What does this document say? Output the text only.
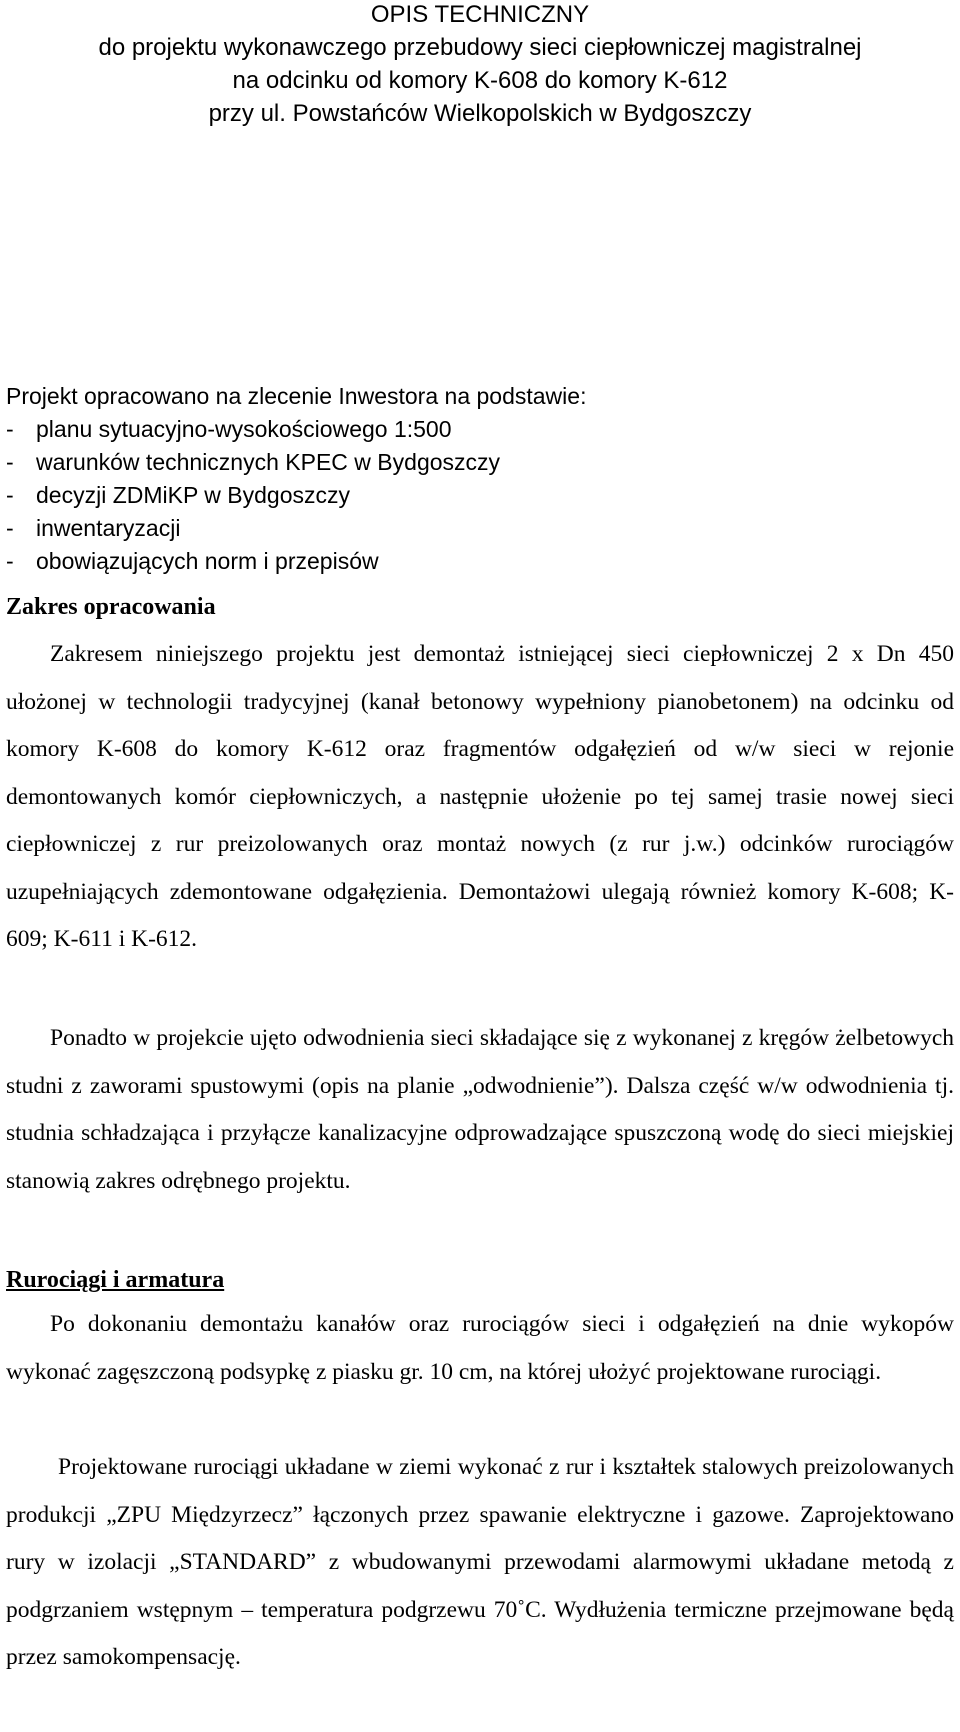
OPIS TECHNICZNY
do projektu wykonawczego przebudowy sieci ciepłowniczej magistralnej
na odcinku od komory K-608 do komory K-612
przy ul. Powstańców Wielkopolskich w Bydgoszczy
Projekt opracowano na zlecenie Inwestora na podstawie:
- planu sytuacyjno-wysokościowego 1:500
- warunków technicznych KPEC w Bydgoszczy
- decyzji ZDMiKP w Bydgoszczy
- inwentaryzacji
- obowiązujących norm i przepisów
Zakres opracowania
Zakresem niniejszego projektu jest demontaż istniejącej sieci ciepłowniczej 2 x Dn 450 ułożonej w technologii tradycyjnej (kanał betonowy wypełniony pianobetonem) na odcinku od komory K-608 do komory K-612 oraz fragmentów odgałęzień od w/w sieci w rejonie demontowanych komór ciepłowniczych, a następnie ułożenie po tej samej trasie nowej sieci ciepłowniczej z rur preizolowanych oraz montaż nowych (z rur j.w.) odcinków rurociągów uzupełniających zdemontowane odgałęzienia. Demontażowi ulegają również komory K-608; K-609; K-611 i K-612.
Ponadto w projekcie ujęto odwodnienia sieci składające się z wykonanej z kręgów żelbetowych studni z zaworami spustowymi (opis na planie „odwodnienie”). Dalsza część w/w odwodnienia tj. studnia schładzająca i przyłącze kanalizacyjne odprowadzające spuszczoną wodę do sieci miejskiej stanowią zakres odrębnego projektu.
Rurociągi i armatura
Po dokonaniu demontażu kanałów oraz rurociągów sieci i odgałęzień na dnie wykopów wykonać zagęszczoną podsypkę z piasku gr. 10 cm, na której ułożyć projektowane rurociągi.
Projektowane rurociągi układane w ziemi wykonać z rur i kształtek stalowych preizolowanych produkcji „ZPU Międzyrzecz” łączonych przez spawanie elektryczne i gazowe. Zaprojektowano rury w izolacji „STANDARD” z wbudowanymi przewodami alarmowymi układane metodą z podgrzaniem wstępnym – temperatura podgrzewu 70˚C. Wydłużenia termiczne przejmowane będą przez samokompensację.
